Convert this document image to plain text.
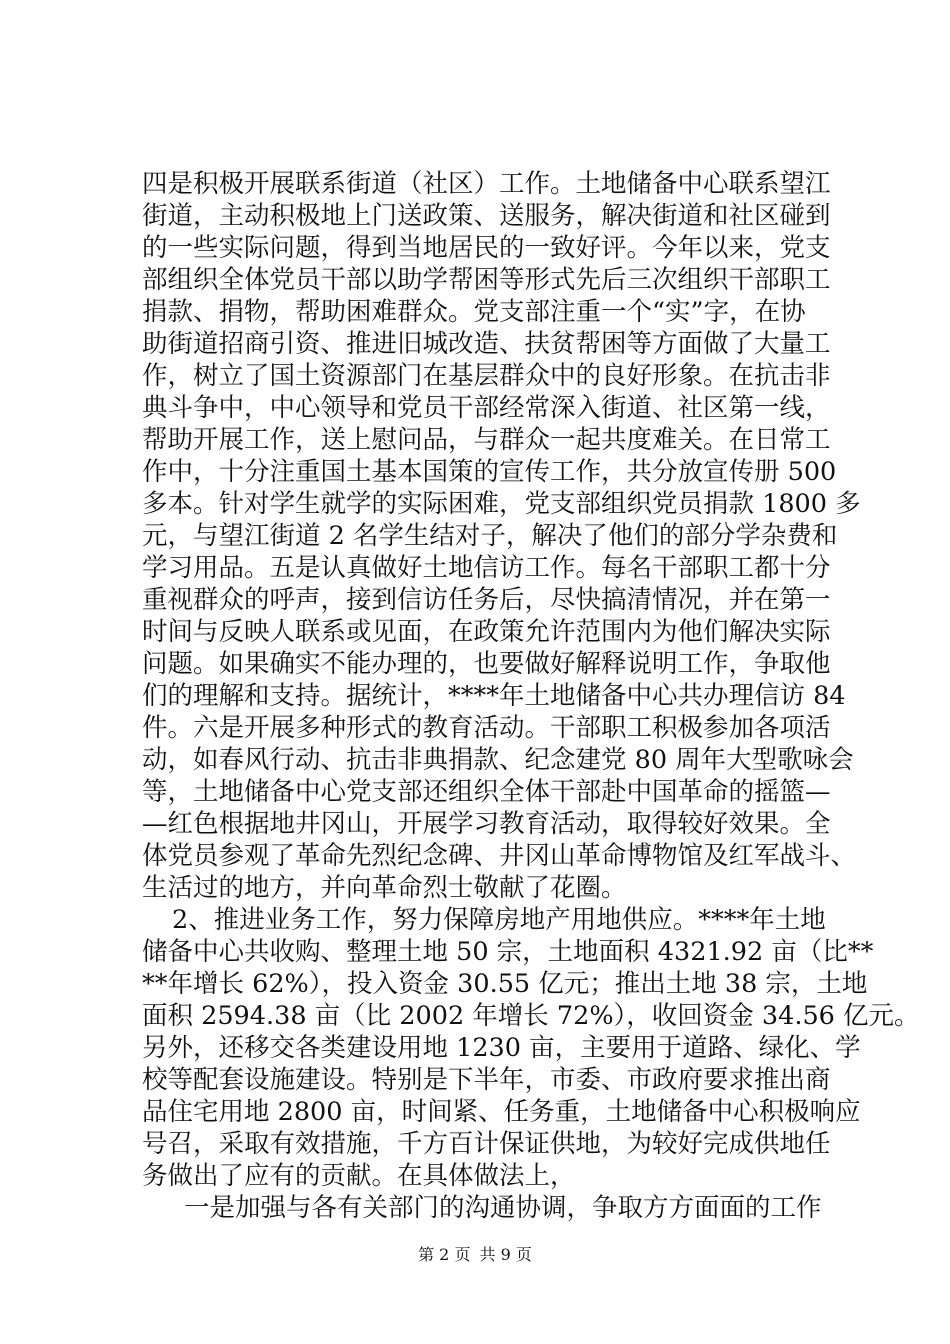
四是积极开展联系街道（社区）工作。土地储备中心联系望江
街道，主动积极地上门送政策、送服务，解决街道和社区碰到
的一些实际问题，得到当地居民的一致好评。今年以来，党支
部组织全体党员干部以助学帮困等形式先后三次组织干部职工
捐款、捐物，帮助困难群众。党支部注重一个“实”字，在协
助街道招商引资、推进旧城改造、扶贫帮困等方面做了大量工
作，树立了国土资源部门在基层群众中的良好形象。在抗击非
典斗争中，中心领导和党员干部经常深入街道、社区第一线，
帮助开展工作，送上慰问品，与群众一起共度难关。在日常工
作中，十分注重国土基本国策的宣传工作，共分放宣传册 500
多本。针对学生就学的实际困难，党支部组织党员捐款 1800 多
元，与望江街道 2 名学生结对子，解决了他们的部分学杂费和
学习用品。五是认真做好土地信访工作。每名干部职工都十分
重视群众的呼声，接到信访任务后，尽快搞清情况，并在第一
时间与反映人联系或见面，在政策允许范围内为他们解决实际
问题。如果确实不能办理的，也要做好解释说明工作，争取他
们的理解和支持。据统计，****年土地储备中心共办理信访 84
件。六是开展多种形式的教育活动。干部职工积极参加各项活
动，如春风行动、抗击非典捐款、纪念建党 80 周年大型歌咏会
等，土地储备中心党支部还组织全体干部赴中国革命的摇篮—
—红色根据地井冈山，开展学习教育活动，取得较好效果。全
体党员参观了革命先烈纪念碑、井冈山革命博物馆及红军战斗、
生活过的地方，并向革命烈士敬献了花圈。
2、推进业务工作，努力保障房地产用地供应。****年土地
储备中心共收购、整理土地 50 宗，土地面积 4321.92 亩（比**
**年增长 62%），投入资金 30.55 亿元；推出土地 38 宗，土地
面积 2594.38 亩（比 2002 年增长 72%），收回资金 34.56 亿元。
另外，还移交各类建设用地 1230 亩，主要用于道路、绿化、学
校等配套设施建设。特别是下半年，市委、市政府要求推出商
品住宅用地 2800 亩，时间紧、任务重，土地储备中心积极响应
号召，采取有效措施，千方百计保证供地，为较好完成供地任
务做出了应有的贡献。在具体做法上，
一是加强与各有关部门的沟通协调，争取方方面面的工作
第 2 页 共 9 页
